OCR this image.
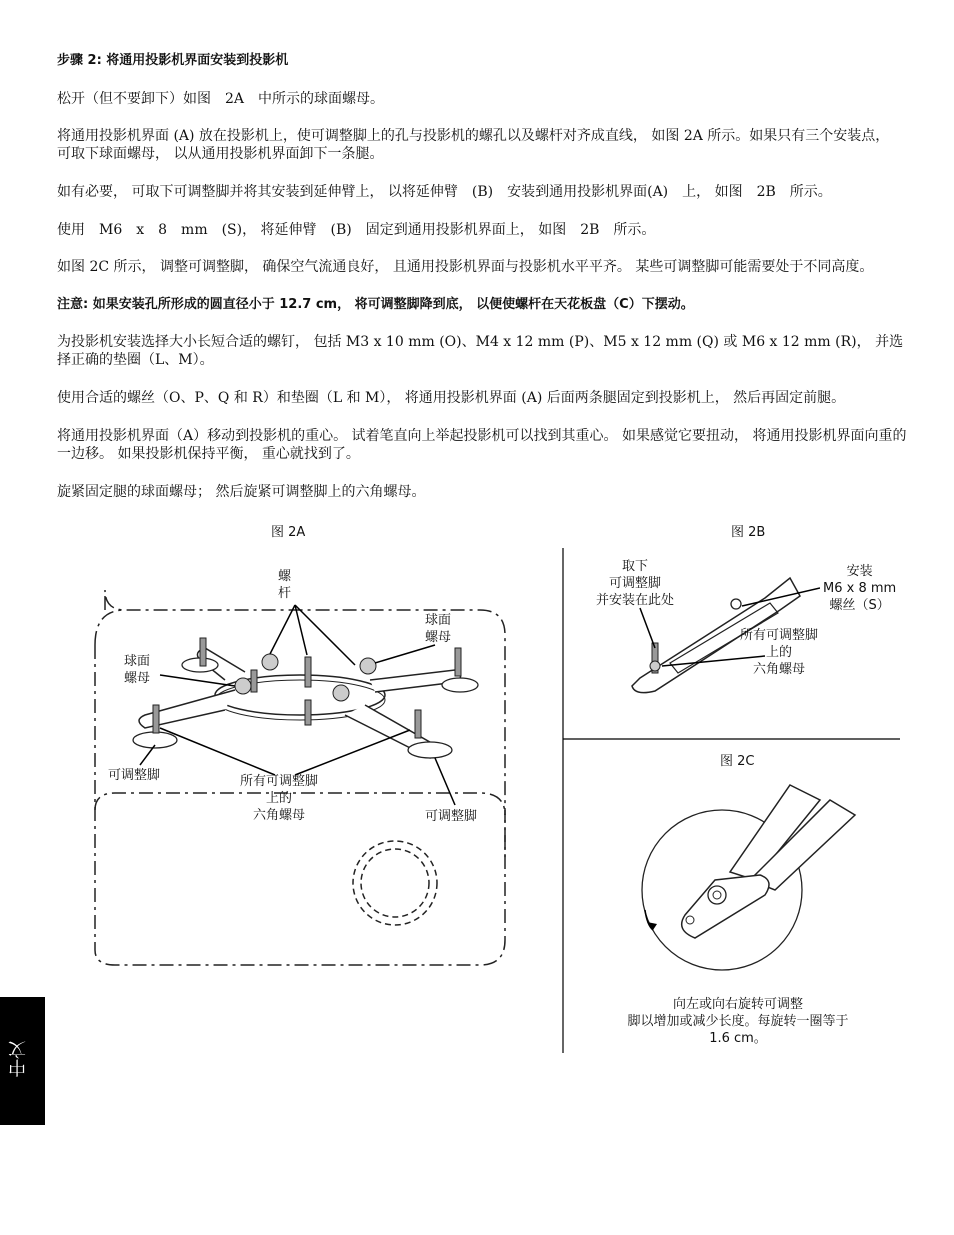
步骤 2: 将通用投影机界面安装到投影机
松开（但不要卸下）如图　2A　中所示的球面螺母。
将通用投影机界面 (A) 放在投影机上，使可调整脚上的孔与投影机的螺孔以及螺杆对齐成直线， 如图 2A 所示。如果只有三个安装点， 可取下球面螺母， 以从通用投影机界面卸下一条腿。
如有必要， 可取下可调整脚并将其安装到延伸臂上， 以将延伸臂　(B)　安装到通用投影机界面(A)　上， 如图　2B　所示。
使用　M6　x　8　mm　(S)， 将延伸臂　(B)　固定到通用投影机界面上， 如图　2B　所示。
如图 2C 所示， 调整可调整脚， 确保空气流通良好， 且通用投影机界面与投影机水平平齐。 某些可调整脚可能需要处于不同高度。
注意: 如果安装孔所形成的圆直径小于 12.7 cm， 将可调整脚降到底， 以便使螺杆在天花板盘（C）下摆动。
为投影机安装选择大小长短合适的螺钉， 包括 M3 x 10 mm (O)、M4 x 12 mm (P)、M5 x 12 mm (Q) 或 M6 x 12 mm (R)， 并选择正确的垫圈（L、M）。
使用合适的螺丝（O、P、Q 和 R）和垫圈（L 和 M）， 将通用投影机界面 (A) 后面两条腿固定到投影机上， 然后再固定前腿。
将通用投影机界面（A）移动到投影机的重心。 试着笔直向上举起投影机可以找到其重心。 如果感觉它要扭动， 将通用投影机界面向重的一边移。 如果投影机保持平衡， 重心就找到了。
旋紧固定腿的球面螺母； 然后旋紧可调整脚上的六角螺母。
图 2A	图 2B
图 2C
螺
杆
球面
螺母
球面
螺母
可调整脚	所有可调整脚
上的
六角螺母	可调整脚
取下
可调整脚
并安装在此处
安装
M6 x 8 mm
螺丝（S）
所有可调整脚
上的
六角螺母
向左或向右旋转可调整
脚以增加或减少长度。每旋转一圈等于
1.6 cm。
中文
